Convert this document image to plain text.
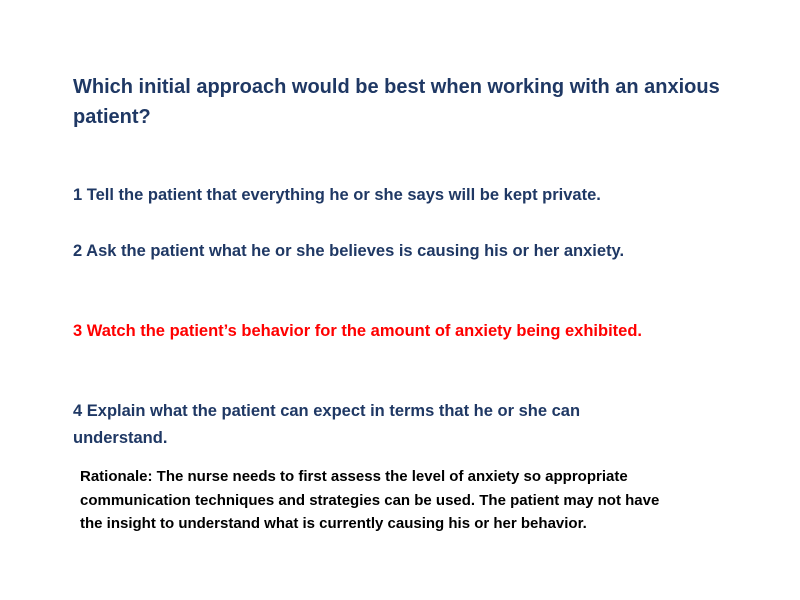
Which initial approach would be best when working with an anxious patient?

1 Tell the patient that everything he or she says will be kept private.

2 Ask the patient what he or she believes is causing his or her anxiety.

3 Watch the patient’s behavior for the amount of anxiety being exhibited.

4 Explain what the patient can expect in terms that he or she can understand.

Rationale: The nurse needs to first assess the level of anxiety so appropriate communication techniques and strategies can be used. The patient may not have the insight to understand what is currently causing his or her behavior.
